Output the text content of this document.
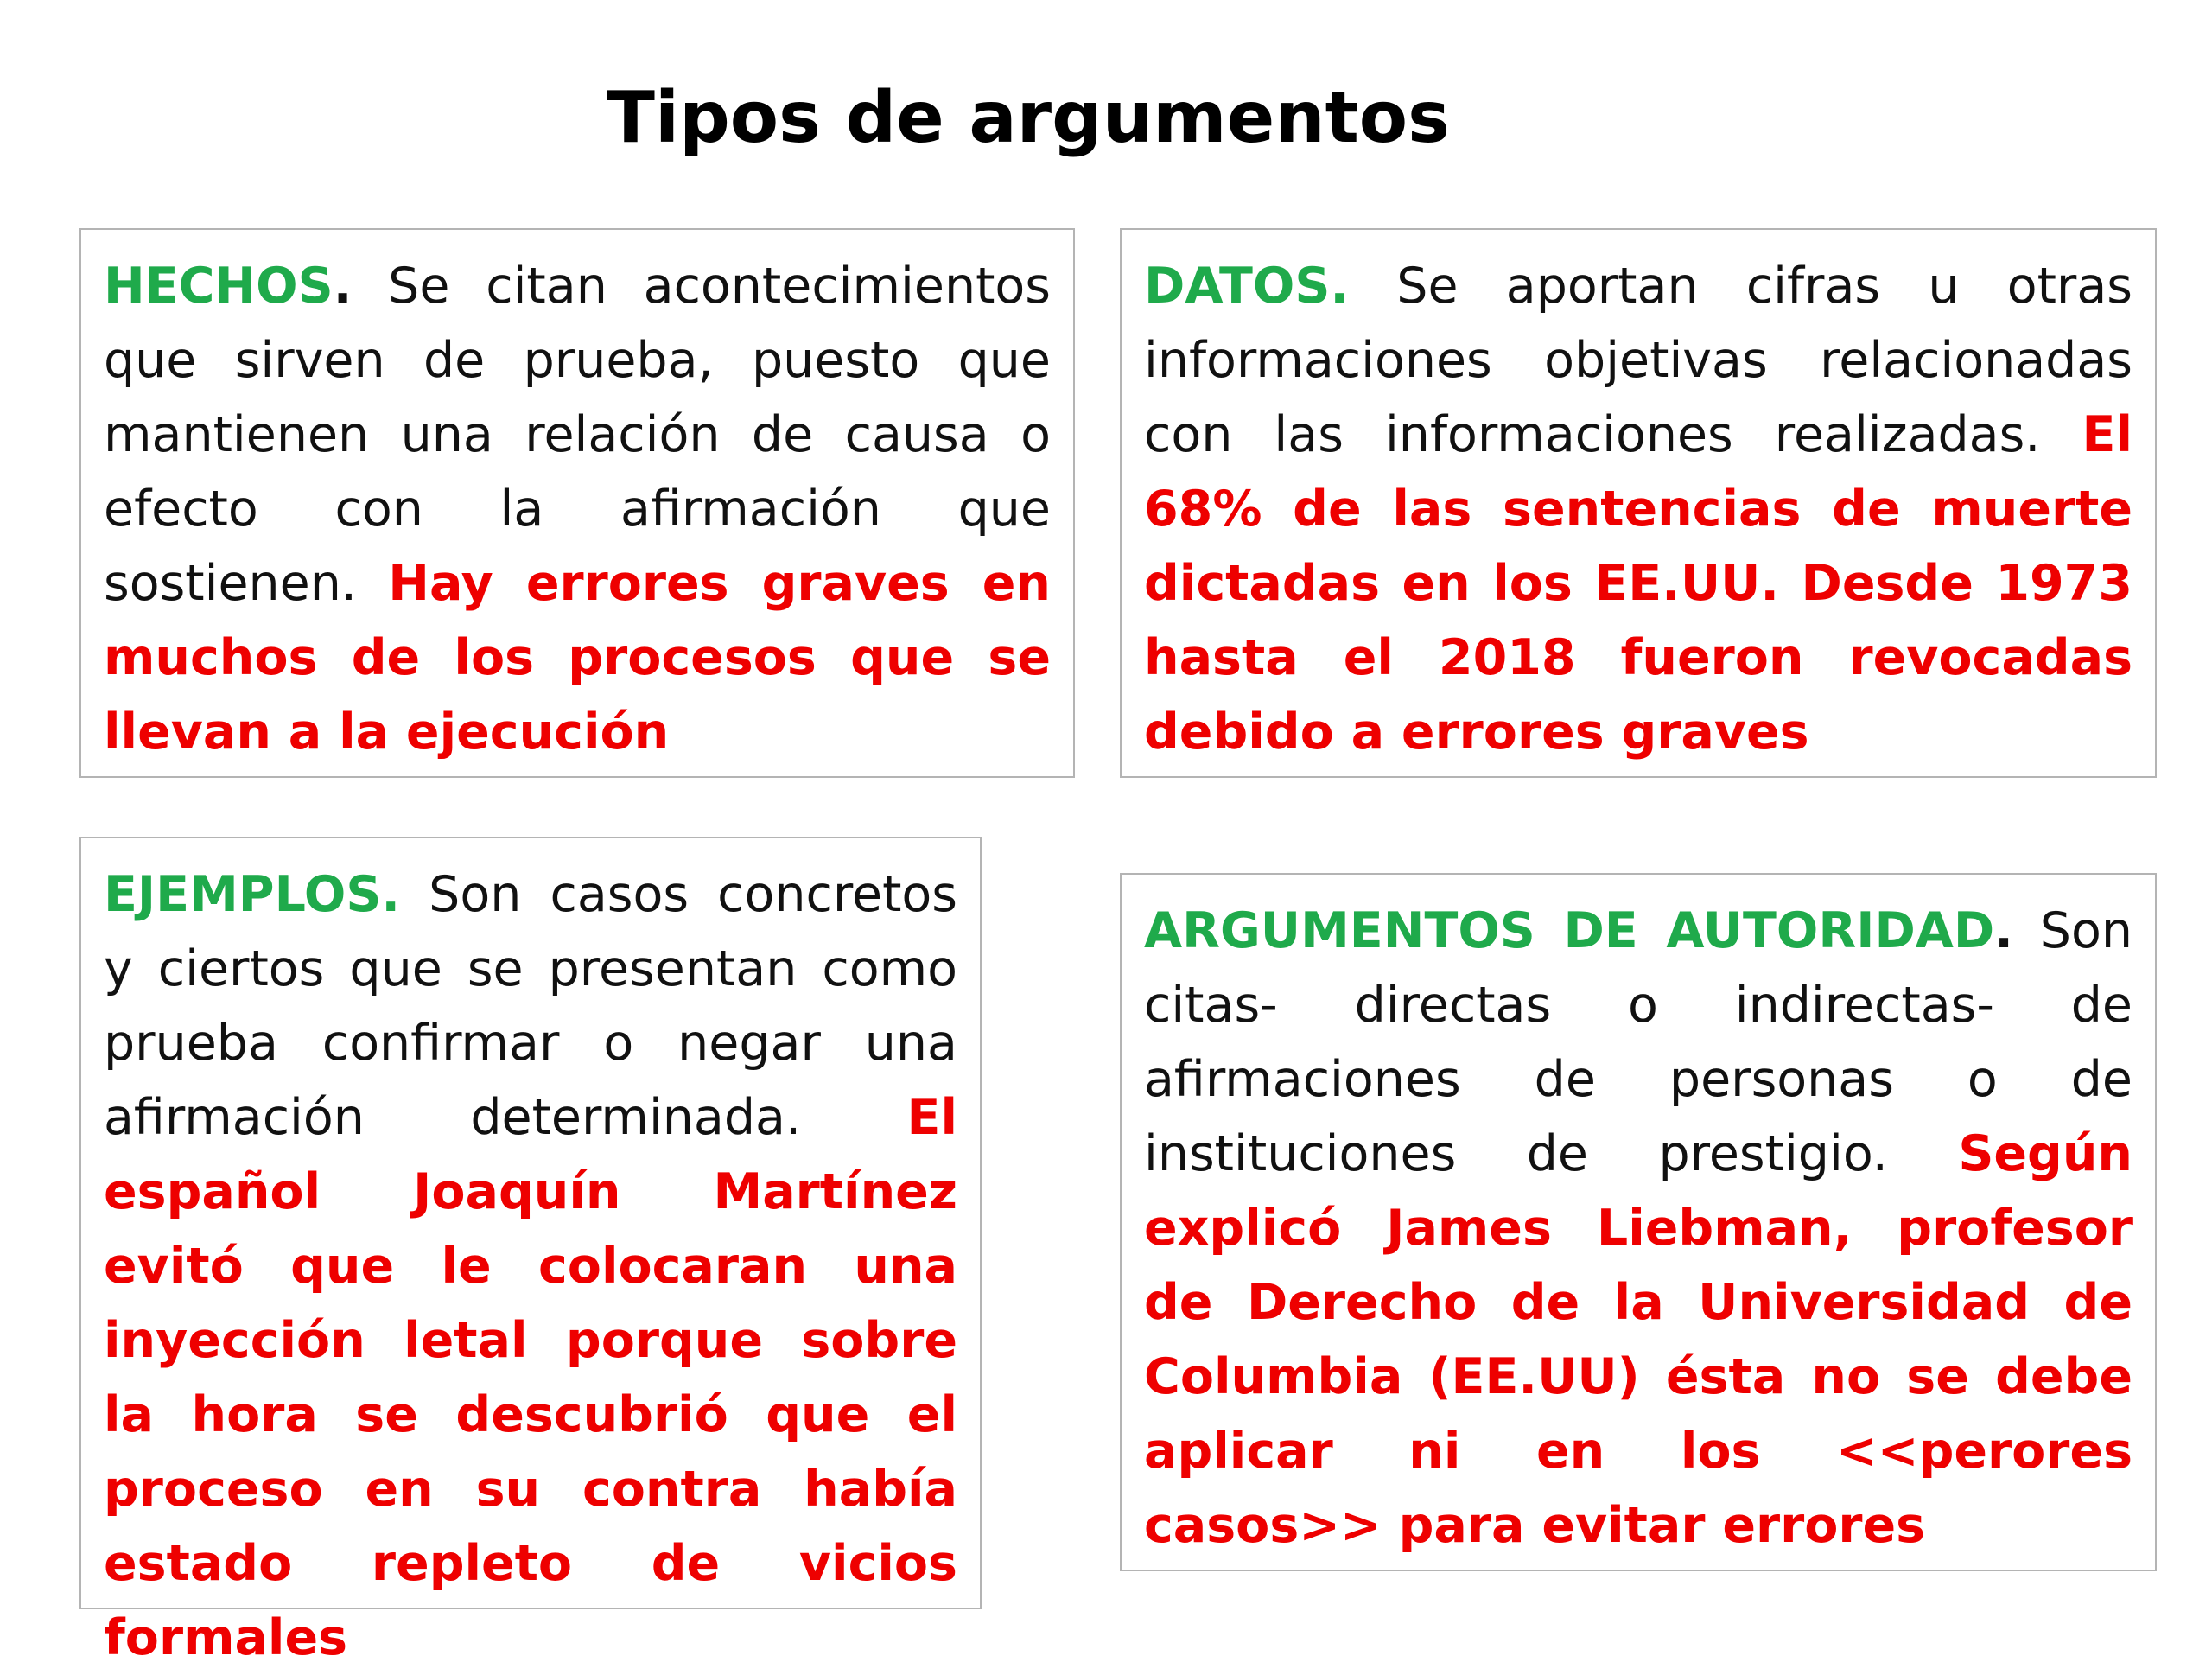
Tipos de argumentos

HECHOS. Se citan acontecimientos que sirven de prueba, puesto que mantienen una relación de causa o efecto con la afirmación que sostienen. Hay errores graves en muchos de los procesos que se llevan a la ejecución

DATOS. Se aportan cifras u otras informaciones objetivas relacionadas con las informaciones realizadas. El 68% de las sentencias de muerte dictadas en los EE.UU. Desde 1973 hasta el 2018 fueron revocadas debido a errores graves

EJEMPLOS. Son casos concretos y ciertos que se presentan como prueba confirmar o negar una afirmación determinada. El español Joaquín Martínez evitó que le colocaran una inyección letal porque sobre la hora se descubrió que el proceso en su contra había estado repleto de vicios formales

ARGUMENTOS DE AUTORIDAD. Son citas- directas o indirectas- de afirmaciones de personas o de instituciones de prestigio. Según explicó James Liebman, profesor de Derecho de la Universidad de Columbia (EE.UU) ésta no se debe aplicar ni en los <<perores casos>> para evitar errores
